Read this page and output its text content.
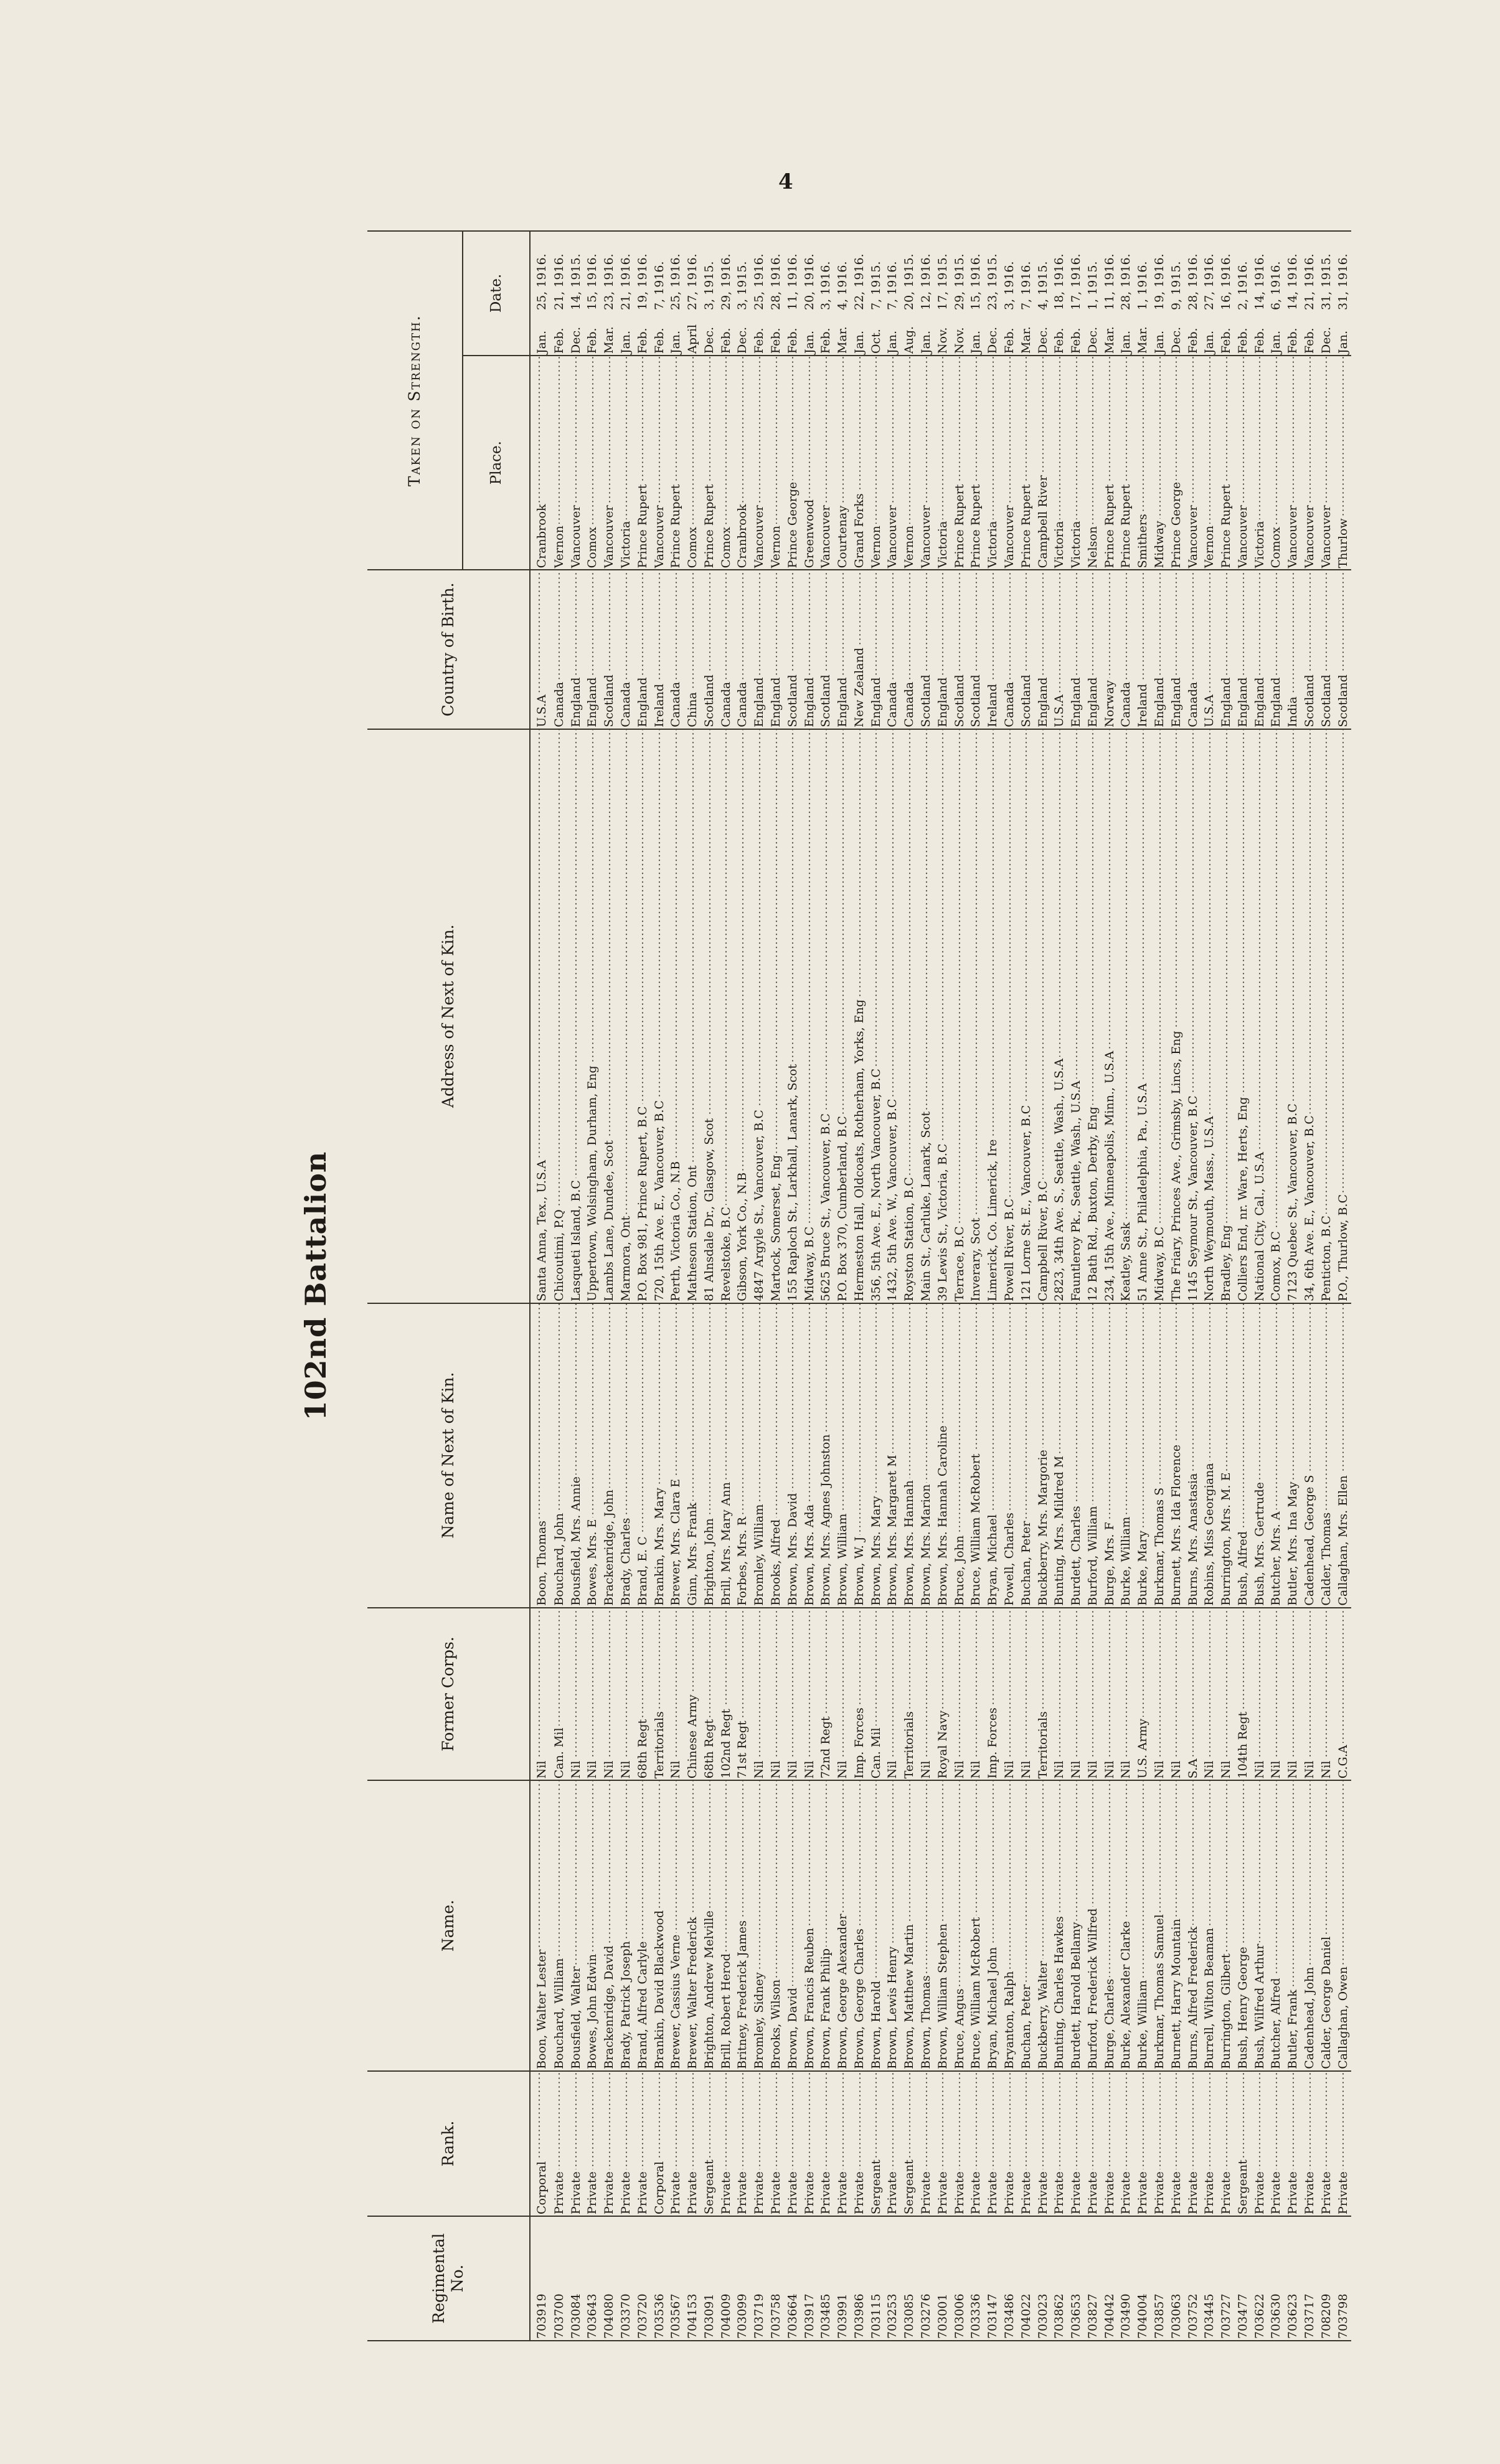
4
102nd Battalion
Regimental No.	Rank.	Name.	Former Corps.	Name of Next of Kin.	Address of Next of Kin.	Country of Birth.	Taken on Strength.	
							Place.	Date.
703919	Corporal	Boon, Walter Lester	Nil	Boon, Thomas	Santa Anna, Tex., U.S.A	U.S.A	Cranbrook	Jan.25, 1916.
703700	Private	Bouchard, William	Can. Mil	Bouchard, John	Chicoutimi, P.Q	Canada	Vernon	Feb.21, 1916.
703084	Private	Bousfield, Walter	Nil	Bousfield, Mrs. Annie	Lasqueti Island, B.C	England	Vancouver	Dec.14, 1915.
703643	Private	Bowes, John Edwin	Nil	Bowes, Mrs. E	Uppertown, Wolsingham, Durham, Eng	England	Comox	Feb.15, 1916.
704080	Private	Brackenridge, David	Nil	Brackenridge, John	Lambs Lane, Dundee, Scot	Scotland	Vancouver	Mar.23, 1916.
703370	Private	Brady, Patrick Joseph	Nil	Brady, Charles	Marmora, Ont	Canada	Victoria	Jan.21, 1916.
703720	Private	Brand, Alfred Carlyle	68th Regt	Brand, E. C	P.O. Box 981, Prince Rupert, B.C	England	Prince Rupert	Feb.19, 1916.
703536	Corporal	Brankin, David Blackwood	Territorials	Brankin, Mrs. Mary	720, 15th Ave. E., Vancouver, B.C	Ireland	Vancouver	Feb.7, 1916.
703567	Private	Brewer, Cassius Verne	Nil	Brewer, Mrs. Clara E	Perth, Victoria Co., N.B	Canada	Prince Rupert	Jan.25, 1916.
704153	Private	Brewer, Walter Frederick	Chinese Army	Ginn, Mrs. Frank	Matheson Station, Ont	China	Comox	April27, 1916.
703091	Sergeant	Brighton, Andrew Melville	68th Regt	Brighton, John	81 Alnsdale Dr., Glasgow, Scot	Scotland	Prince Rupert	Dec.3, 1915.
704009	Private	Brill, Robert Herod	102nd Regt	Brill, Mrs. Mary Ann	Revelstoke, B.C	Canada	Comox	Feb.29, 1916.
703099	Private	Britney, Frederick James	71st Regt	Forbes, Mrs. R	Gibson, York Co., N.B	Canada	Cranbrook	Dec.3, 1915.
703719	Private	Bromley, Sidney	Nil	Bromley, William	4847 Argyle St., Vancouver, B.C	England	Vancouver	Feb.25, 1916.
703758	Private	Brooks, Wilson	Nil	Brooks, Alfred	Martock, Somerset, Eng	England	Vernon	Feb.28, 1916.
703664	Private	Brown, David	Nil	Brown, Mrs. David	155 Raploch St., Larkhall, Lanark, Scot	Scotland	Prince George	Feb.11, 1916.
703917	Private	Brown, Francis Reuben	Nil	Brown, Mrs. Ada	Midway, B.C	England	Greenwood	Jan.20, 1916.
703485	Private	Brown, Frank Philip	72nd Regt	Brown, Mrs. Agnes Johnston	5625 Bruce St., Vancouver, B.C	Scotland	Vancouver	Feb.3, 1916.
703991	Private	Brown, George Alexander	Nil	Brown, William	P.O. Box 370, Cumberland, B.C	England	Courtenay	Mar.4, 1916.
703986	Private	Brown, George Charles	Imp. Forces	Brown, W. J	Hermeston Hall, Oldcoats, Rotherham, Yorks, Eng	New Zealand	Grand Forks	Jan.22, 1916.
703115	Sergeant	Brown, Harold	Can. Mil	Brown, Mrs. Mary	356, 5th Ave. E., North Vancouver, B.C	England	Vernon	Oct.7, 1915.
703253	Private	Brown, Lewis Henry	Nil	Brown, Mrs. Margaret M	1432, 5th Ave. W., Vancouver, B.C	Canada	Vancouver	Jan.7, 1916.
703085	Sergeant	Brown, Matthew Martin	Territorials	Brown, Mrs. Hannah	Royston Station, B.C	Canada	Vernon	Aug.20, 1915.
703276	Private	Brown, Thomas	Nil	Brown, Mrs. Marion	Main St., Carluke, Lanark, Scot	Scotland	Vancouver	Jan.12, 1916.
703001	Private	Brown, William Stephen	Royal Navy	Brown, Mrs. Hannah Caroline	39 Lewis St., Victoria, B.C	England	Victoria	Nov.17, 1915.
703006	Private	Bruce, Angus	Nil	Bruce, John	Terrace, B.C	Scotland	Prince Rupert	Nov.29, 1915.
703336	Private	Bruce, William McRobert	Nil	Bruce, William McRobert	Inverary, Scot	Scotland	Prince Rupert	Jan.15, 1916.
703147	Private	Bryan, Michael John	Imp. Forces	Bryan, Michael	Limerick, Co. Limerick, Ire	Ireland	Victoria	Dec.23, 1915.
703486	Private	Bryanton, Ralph	Nil	Powell, Charles	Powell River, B.C	Canada	Vancouver	Feb.3, 1916.
704022	Private	Buchan, Peter	Nil	Buchan, Peter	121 Lorne St. E., Vancouver, B.C	Scotland	Prince Rupert	Mar.7, 1916.
703023	Private	Buckberry, Walter	Territorials	Buckberry, Mrs. Margorie	Campbell River, B.C	England	Campbell River	Dec.4, 1915.
703862	Private	Bunting, Charles Hawkes	Nil	Bunting, Mrs. Mildred M	2823, 34th Ave. S., Seattle, Wash., U.S.A	U.S.A	Victoria	Feb.18, 1916.
703653	Private	Burdett, Harold Bellamy	Nil	Burdett, Charles	Fauntleroy Pk., Seattle, Wash., U.S.A	England	Victoria	Feb.17, 1916.
703827	Private	Burford, Frederick Wilfred	Nil	Burford, William	12 Bath Rd., Buxton, Derby, Eng	England	Nelson	Dec.1, 1915.
704042	Private	Burge, Charles	Nil	Burge, Mrs. F	234, 15th Ave., Minneapolis, Minn., U.S.A	Norway	Prince Rupert	Mar.11, 1916.
703490	Private	Burke, Alexander Clarke	Nil	Burke, William	Keatley, Sask	Canada	Prince Rupert	Jan.28, 1916.
704004	Private	Burke, William	U.S. Army	Burke, Mary	51 Anne St., Philadelphia, Pa., U.S.A	Ireland	Smithers	Mar.1, 1916.
703857	Private	Burkmar, Thomas Samuel	Nil	Burkmar, Thomas S	Midway, B.C	England	Midway	Jan.19, 1916.
703063	Private	Burnett, Harry Mountain	Nil	Burnett, Mrs. Ida Florence	The Friary, Princes Ave., Grimsby, Lincs, Eng	England	Prince George	Dec.9, 1915.
703752	Private	Burns, Alfred Frederick	S.A	Burns, Mrs. Anastasia	1145 Seymour St., Vancouver, B.C	Canada	Vancouver	Feb.28, 1916.
703445	Private	Burrell, Wilton Beaman	Nil	Robins, Miss Georgiana	North Weymouth, Mass., U.S.A	U.S.A	Vernon	Jan.27, 1916.
703727	Private	Burrington, Gilbert	Nil	Burrington, Mrs. M. E	Bradley, Eng	England	Prince Rupert	Feb.16, 1916.
703477	Sergeant	Bush, Henry George	104th Regt	Bush, Alfred	Colliers End, nr. Ware, Herts, Eng	England	Vancouver	Feb.2, 1916.
703622	Private	Bush, Wilfred Arthur	Nil	Bush, Mrs. Gertrude	National City, Cal., U.S.A	England	Victoria	Feb.14, 1916.
703630	Private	Butcher, Alfred	Nil	Butcher, Mrs. A	Comox, B.C	England	Comox	Jan.6, 1916.
703623	Private	Butler, Frank	Nil	Butler, Mrs. Ina May	7123 Quebec St., Vancouver, B.C	India	Vancouver	Feb.14, 1916.
703717	Private	Cadenhead, John	Nil	Cadenhead, George S	34, 6th Ave. E., Vancouver, B.C	Scotland	Vancouver	Feb.21, 1916.
708209	Private	Calder, George Daniel	Nil	Calder, Thomas	Penticton, B.C	Scotland	Vancouver	Dec.31, 1915.
703798	Private	Callaghan, Owen	C.G.A	Callaghan, Mrs. Ellen	P.O., Thurlow, B.C	Scotland	Thurlow	Jan.31, 1916.
